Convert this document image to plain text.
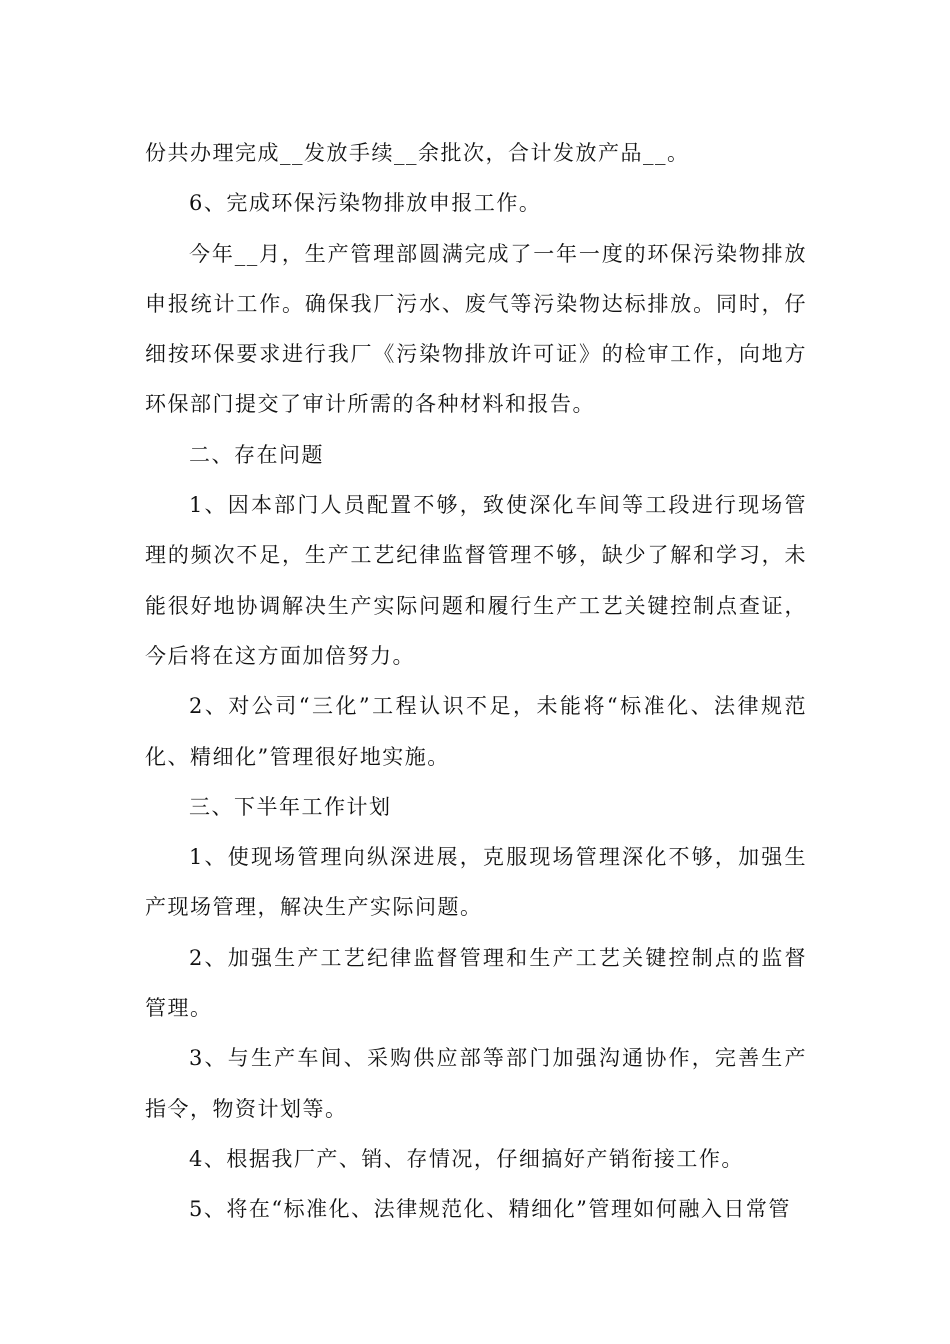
份共办理完成__发放手续__余批次，合计发放产品__。

6、完成环保污染物排放申报工作。

今年__月，生产管理部圆满完成了一年一度的环保污染物排放申报统计工作。确保我厂污水、废气等污染物达标排放。同时，仔细按环保要求进行我厂《污染物排放许可证》的检审工作，向地方环保部门提交了审计所需的各种材料和报告。

二、存在问题

1、因本部门人员配置不够，致使深化车间等工段进行现场管理的频次不足，生产工艺纪律监督管理不够，缺少了解和学习，未能很好地协调解决生产实际问题和履行生产工艺关键控制点查证，今后将在这方面加倍努力。

2、对公司“三化”工程认识不足，未能将“标准化、法律规范化、精细化”管理很好地实施。

三、下半年工作计划

1、使现场管理向纵深进展，克服现场管理深化不够，加强生产现场管理，解决生产实际问题。

2、加强生产工艺纪律监督管理和生产工艺关键控制点的监督管理。

3、与生产车间、采购供应部等部门加强沟通协作，完善生产指令，物资计划等。

4、根据我厂产、销、存情况，仔细搞好产销衔接工作。

5、将在“标准化、法律规范化、精细化”管理如何融入日常管
